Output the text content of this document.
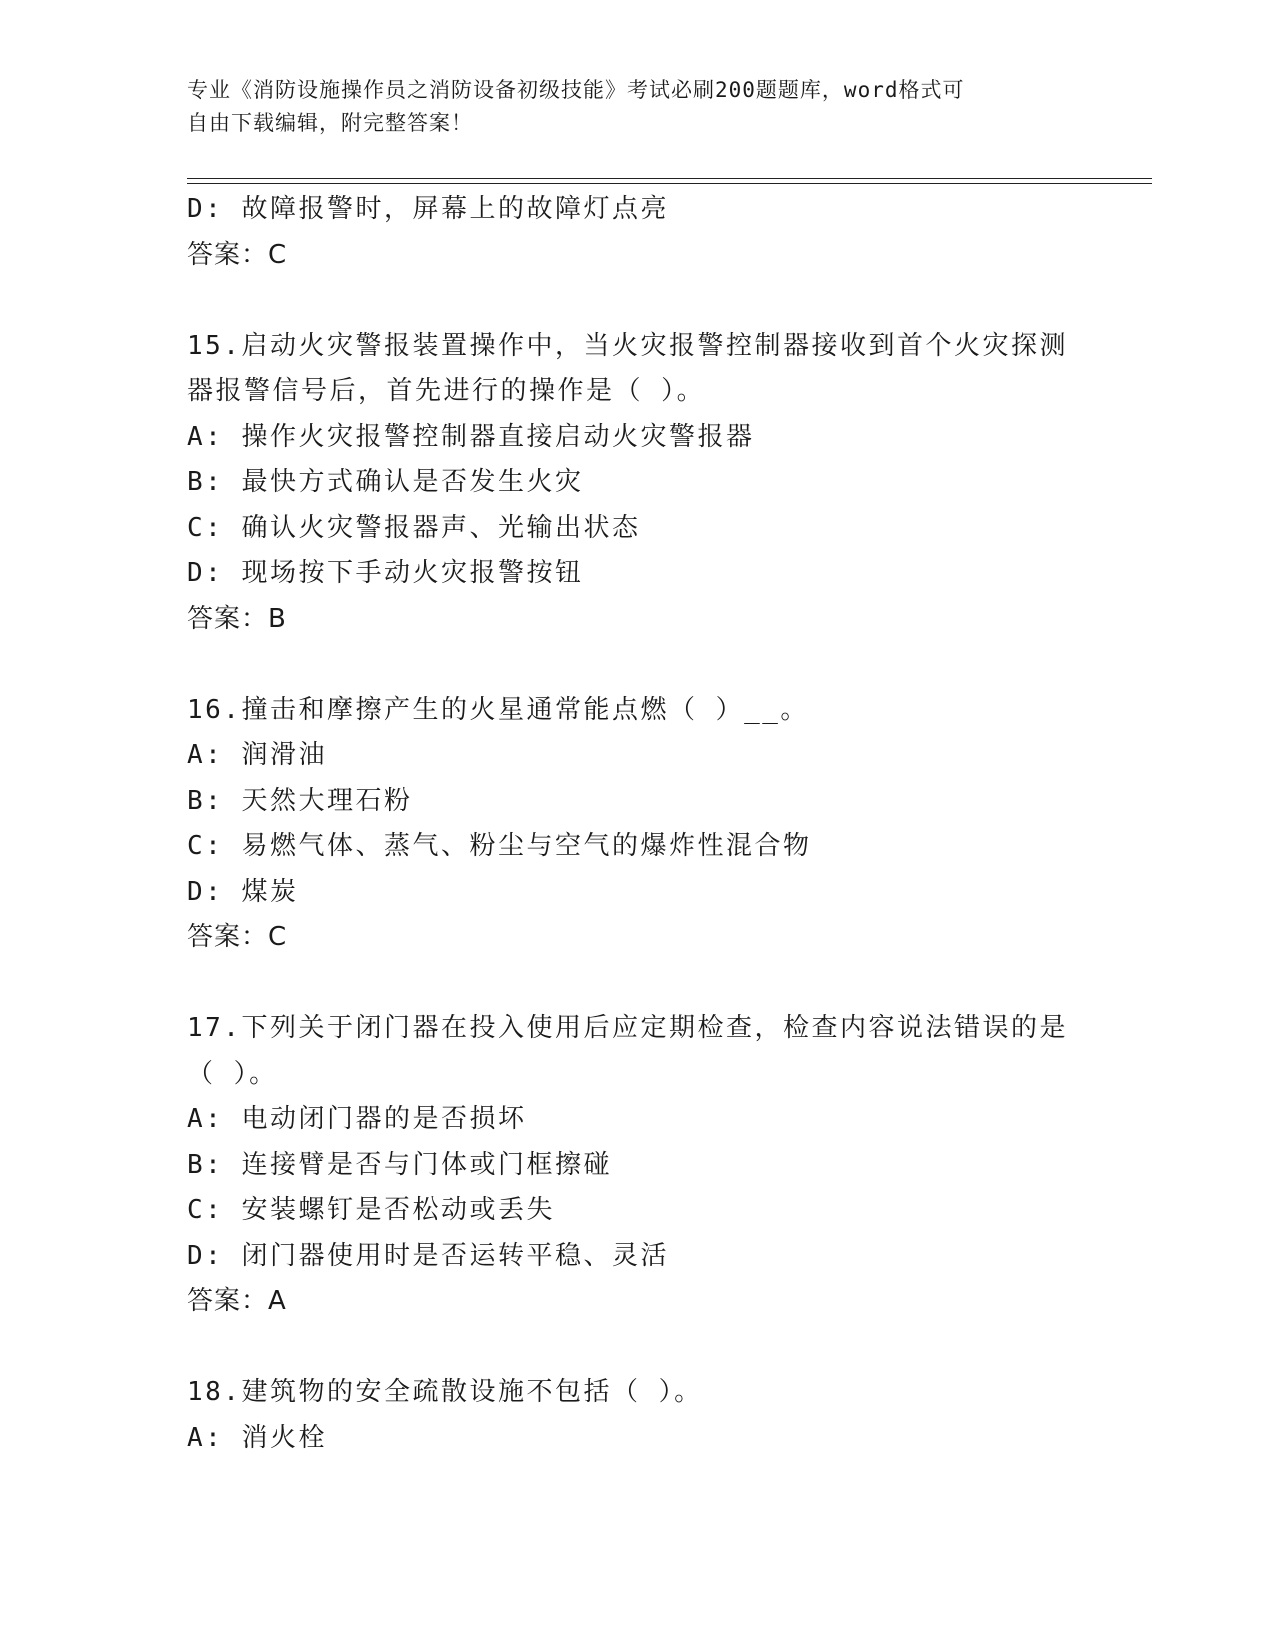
专业《消防设施操作员之消防设备初级技能》考试必刷200题题库，word格式可
自由下载编辑，附完整答案！
D: 故障报警时，屏幕上的故障灯点亮
答案：C
15.启动火灾警报装置操作中，当火灾报警控制器接收到首个火灾探测
器报警信号后，首先进行的操作是（ ）。
A: 操作火灾报警控制器直接启动火灾警报器
B: 最快方式确认是否发生火灾
C: 确认火灾警报器声、光输出状态
D: 现场按下手动火灾报警按钮
答案：B
16.撞击和摩擦产生的火星通常能点燃（ ）__。
A: 润滑油
B: 天然大理石粉
C: 易燃气体、蒸气、粉尘与空气的爆炸性混合物
D: 煤炭
答案：C
17.下列关于闭门器在投入使用后应定期检查，检查内容说法错误的是
（ ）。
A: 电动闭门器的是否损坏
B: 连接臂是否与门体或门框擦碰
C: 安装螺钉是否松动或丢失
D: 闭门器使用时是否运转平稳、灵活
答案：A
18.建筑物的安全疏散设施不包括（ ）。
A: 消火栓
